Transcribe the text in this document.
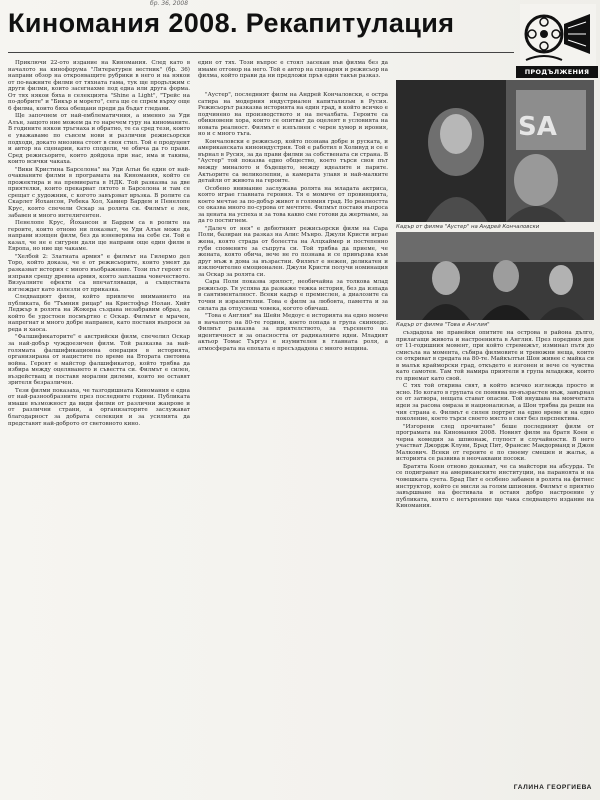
бр. 36, 2008
Киномания 2008. Рекапитулация
ПРОДЪЛЖЕНИЯ

Приключи 22-ото издание на Киномания. След като в началото на кинофорума "Литературен вестник" (бр. 36) направи обзор на открояващите рубрики в него и на някои от по-важните филми от тяхната гама, тук ще продължим с други филми, които засегнахме под една или друга форма. От тях някои бяха в селекцията "Shine a Light", "Трейс на по-добрите" и "Бикър и морето", сега ще се спрем върху още 6 филма, които бяха обещани преди да бъдат гледани.

Ще започнем от най-емблематичния, а именно за Уди Алън, защото ние можем да го наречем гуру на киноманите. В годините някои тръгнаха и обратно, те са сред тези, които е уважаваме по съвсем нови и различни режисьорски подходи, докато мнозина стоят в своя стил. Той е продуцент и автор на сценарии, като сподели, че обича да го прави. Сред режисьорите, които дойдоха при нас, има и такива, които всички чакаха.

"Вики Кристина Барселона" на Уди Алън бе един от най-очакваните филми в програмата на Киномания, който се прожектира и на премиерата в НДК. Той разказва за две приятелки, които прекарват лятото в Барселона и там се срещат с художник, с когото завързват връзка. В ролите са Скарлет Йохансон, Ребека Хол, Хавиер Бардем и Пенелопе Крус, която спечели Оскар за ролята си. Филмът е лек, забавен и много интелигентен.

Пенелопе Крус, Йохансон и Бардем са в ролите на героите, които отново ни показват, че Уди Алън може да направи изящен филм, без да изневерява на себе си. Той е казал, че не е сигурен дали ще направи още един филм в Европа, но ние ще чакаме.

"Хелбой 2: Златната армия" е филмът на Гилермо дел Торо, който доказа, че е от режисьорите, които умеят да разказват история с много въображение. Този път героят се изправя срещу древна армия, която заплашва човечеството. Визуалните ефекти са впечатляващи, а съществата изглеждат като излезли от приказка.

Следващият филм, който привлече вниманието на публиката, бе "Тъмния рицар" на Кристофър Нолан. Хийт Леджър в ролята на Жокера създава незабравим образ, за който бе удостоен посмъртно с Оскар. Филмът е мрачен, напрегнат и много добре направен, като поставя въпроси за реда и хаоса.

"Фалшификаторите" е австрийски филм, спечелил Оскар за най-добър чуждоезичен филм. Той разказва за най-голямата фалшификационна операция в историята, организирана от нацистите по време на Втората световна война. Героят е майстор фалшификатор, който трябва да избира между оцеляването и съвестта си. Филмът е силен, въздействащ и поставя морални дилеми, които не оставят зрителя безразличен.

Тези филми показаха, че тазгодишната Киномания е една от най-разнообразните през последните години. Публиката имаше възможност да види филми от различни жанрове и от различни страни, а организаторите заслужават благодарност за добрата селекция и за усилията да представят най-доброто от световното кино.

един от тях. Този въпрос е стоял засекан във филма без да имаме отговор на него. Той е автор на сценария и режисьор на филма, който прави да ни предложи пръв един такъв разказ.

"Аустер", последният филм на Андрей Кончаловски, е остра сатира на модерния индустриален капитализъм в Русия. Режисьорът разказва историята на един град, в който всичко е подчинено на производството и на печалбата. Героите са обикновени хора, които се опитват да оцелеят в условията на новата реалност. Филмът е изпълнен с черен хумор и ирония, но и с много тъга.

Кончаловски е режисьор, който познава добре и руската, и американската киноиндустрия. Той е работил в Холивуд и се е върнал в Русия, за да прави филми за собствената си страна. В "Аустер" той показва едно общество, което търси своя път между миналото и бъдещето, между идеалите и парите. Актьорите са великолепни, а камерата улавя и най-малките детайли от живота на героите.

Особено внимание заслужава ролята на младата актриса, която играе главната героиня. Тя е момиче от провинцията, което мечтае за по-добър живот в голямия град. Но реалността се оказва много по-сурова от мечтите. Филмът поставя въпроса за цената на успеха и за това какво сме готови да жертваме, за да го постигнем.

"Далеч от нея" е дебютният режисьорски филм на Сара Поли, базиран на разказ на Алис Мънро. Джули Кристи играе жена, която страда от болестта на Алцхаймер и постепенно губи спомените за съпруга си. Той трябва да приеме, че жената, която обича, вече не го познава и се привързва към друг мъж в дома за възрастни. Филмът е нежен, деликатен и изключително емоционален. Джули Кристи получи номинация за Оскар за ролята си.

Сара Поли показва зрялост, необичайна за толкова млад режисьор. Тя успява да разкаже тежка история, без да изпада в сантименталност. Всеки кадър е премислен, а диалозите са точни и изразителни. Това е филм за любовта, паметта и за силата да отпуснеш човека, когото обичаш.

"Това е Англия" на Шейн Медоус е историята на едно момче в началото на 80-те години, което попада в група скинхедс. Филмът разказва за приятелството, за търсенето на идентичност и за опасността от радикалните идеи. Младият актьор Томас Търгуз е изумителен в главната роля, а атмосферата на епохата е пресъздадена с много вещина.

SA
Кадър от филма "Аустер" на Андрей Кончаловски
Кадър от филма "Това е Англия"

създадоха не правейки опитите на острова в района дълго, прилагащи живота и настроенията в Англия. През поредния ден от 11-годишния момент, при който стремежът, изминал пътя до смисъла на момента, събира филмовите и тревожни неща, които се откриват в средата на 80-те. Майкълтън Шон живее с майка си в малък крайморски град, откъдето е изгонен и вече се чувства като самотен. Там той намира приятели в група младежи, които го приемат като свой.

С тях той открива свят, в който всичко изглежда просто и ясно. Но когато в групата се появява по-възрастен мъж, завърнал се от затвора, нещата стават опасни. Той внушава на момчетата идеи за расова омраза и национализъм, а Шон трябва да реши на чия страна е. Филмът е силен портрет на едно време и на едно поколение, което търси своето място в свят без перспектива.

"Изгорени след прочитане" беше последният филм от програмата на Киномания 2008. Новият филм на братя Коен е черна комедия за шпионаж, глупост и случайности. В него участват Джордж Клуни, Брад Пит, Франсис Макдорманд и Джон Малкович. Всеки от героите е по своему смешен и жалък, а историята се развива в неочаквани посоки.

Братята Коен отново доказват, че са майстори на абсурда. Те се подиграват на американските институции, на параноята и на човешката суета. Брад Пит е особено забавен в ролята на фитнес инструктор, който се мисли за голям шпионин. Филмът е приятно завършване на фестивала и оставя добро настроение у публиката, която с нетърпение ще чака следващото издание на Киномания.

ГАЛИНА ГЕОРГИЕВА
